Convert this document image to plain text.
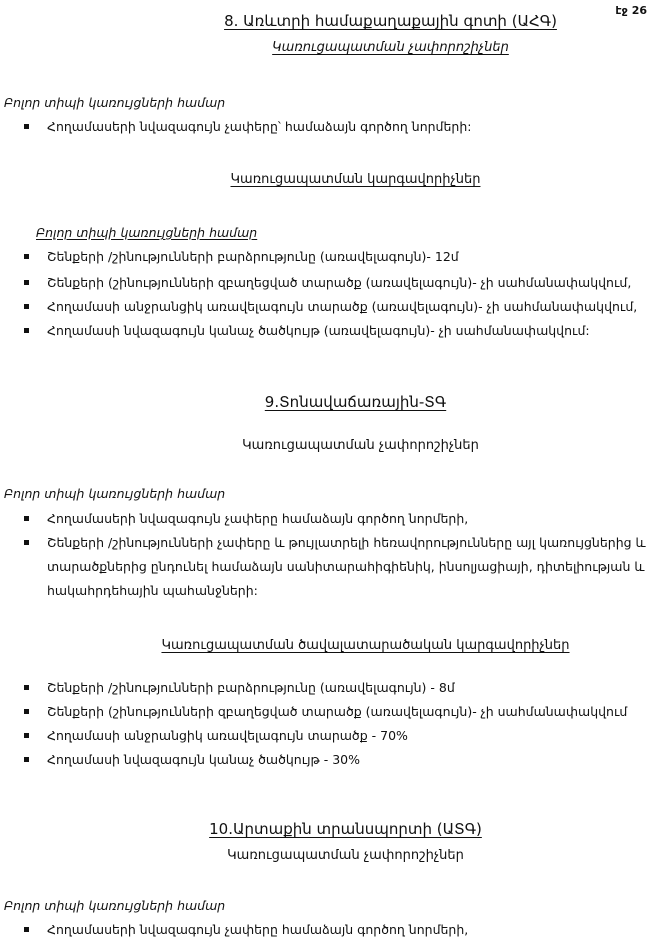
էջ 26
8. Առևտրի համաքաղաքային գոտի (ԱՀԳ)
Կառուցապատման չափորոշիչներ
Բոլոր տիպի կառույցների համար
Հողամասերի նվազագույն չափերը՝ համաձայն գործող նորմերի:
Կառուցապատման կարգավորիչներ
Բոլոր տիպի կառույցների համար
Շենքերի /շինությունների բարձրությունը (առավելագույն)- 12մ
Շենքերի (շինությունների զբաղեցված տարածք (առավելագույն)- չի սահմանափակվում,
Հողամասի անջրանցիկ առավելագույն տարածք (առավելագույն)- չի սահմանափակվում,
Հողամասի նվազագույն կանաչ ծածկույթ (առավելագույն)- չի սահմանափակվում:
9.Տոնավաճառային-ՏԳ
Կառուցապատման չափորոշիչներ
Բոլոր տիպի կառույցների համար
Հողամասերի նվազագույն չափերը համաձայն գործող նորմերի,
Շենքերի /շինությունների չափերը և թույլատրելի հեռավորությունները այլ կառույցներից և
տարածքներից ընդունել համաձայն սանիտարահիգիենիկ, ինսոլյացիայի, դիտելիության և
հակահրդեհային պահանջների:
Կառուցապատման ծավալատարածական կարգավորիչներ
Շենքերի /շինությունների բարձրությունը (առավելագույն) - 8մ
Շենքերի (շինությունների զբաղեցված տարածք (առավելագույն)- չի սահմանափակվում
Հողամասի անջրանցիկ առավելագույն տարածք - 70%
Հողամասի նվազագույն կանաչ ծածկույթ - 30%
10.Արտաքին տրանսպորտի (ԱՏԳ)
Կառուցապատման չափորոշիչներ
Բոլոր տիպի կառույցների համար
Հողամասերի նվազագույն չափերը համաձայն գործող նորմերի,
